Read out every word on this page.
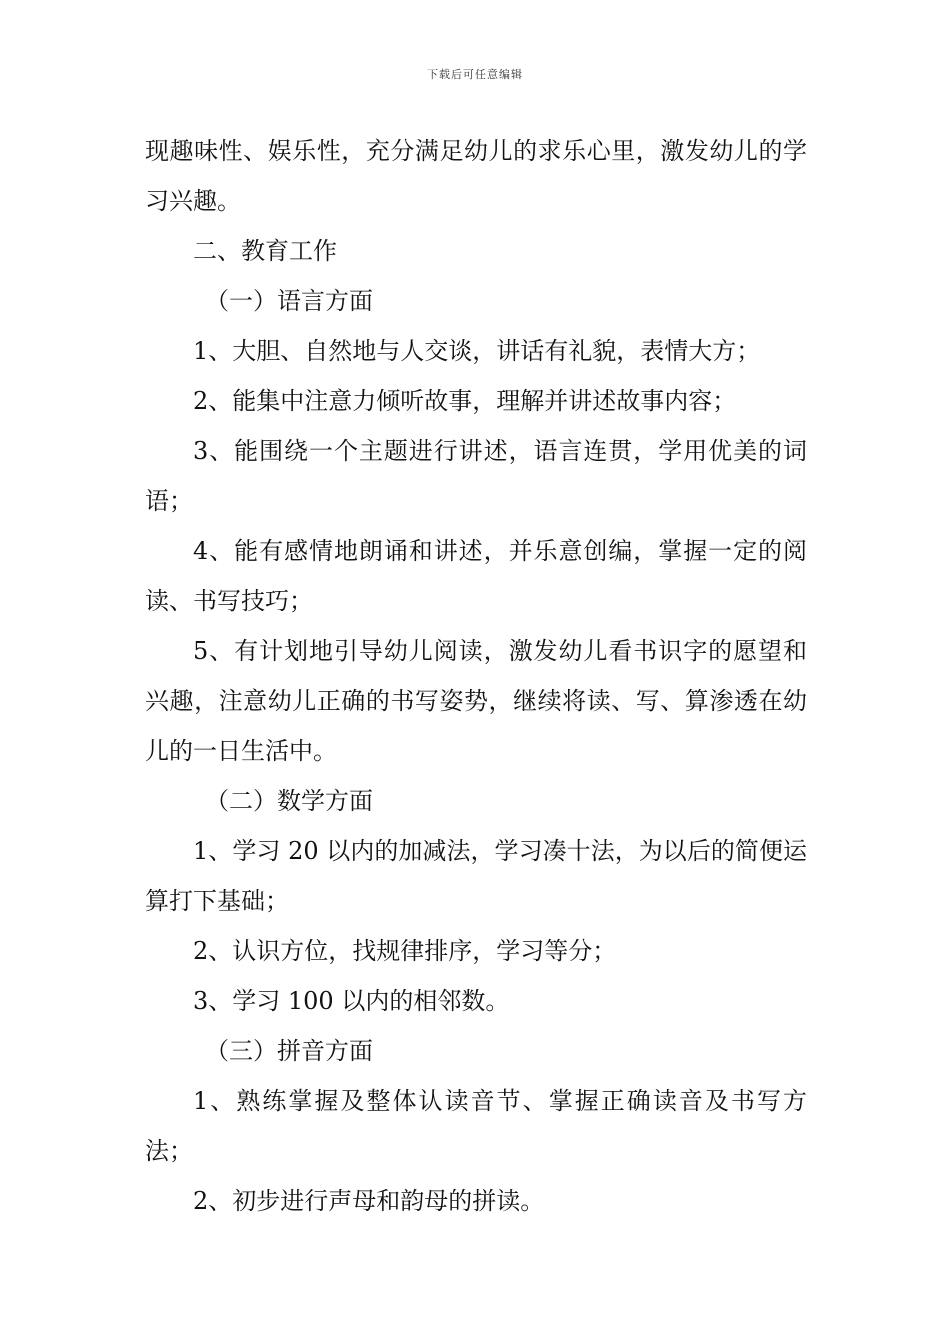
下载后可任意编辑

现趣味性、娱乐性，充分满足幼儿的求乐心里，激发幼儿的学习兴趣。

二、教育工作

（一）语言方面

1、大胆、自然地与人交谈，讲话有礼貌，表情大方；

2、能集中注意力倾听故事，理解并讲述故事内容；

3、能围绕一个主题进行讲述，语言连贯，学用优美的词语；

4、能有感情地朗诵和讲述，并乐意创编，掌握一定的阅读、书写技巧；

5、有计划地引导幼儿阅读，激发幼儿看书识字的愿望和兴趣，注意幼儿正确的书写姿势，继续将读、写、算渗透在幼儿的一日生活中。

（二）数学方面

1、学习 20 以内的加减法，学习凑十法，为以后的简便运算打下基础；

2、认识方位，找规律排序，学习等分；

3、学习 100 以内的相邻数。

（三）拼音方面

1、熟练掌握及整体认读音节、掌握正确读音及书写方法；

2、初步进行声母和韵母的拼读。
